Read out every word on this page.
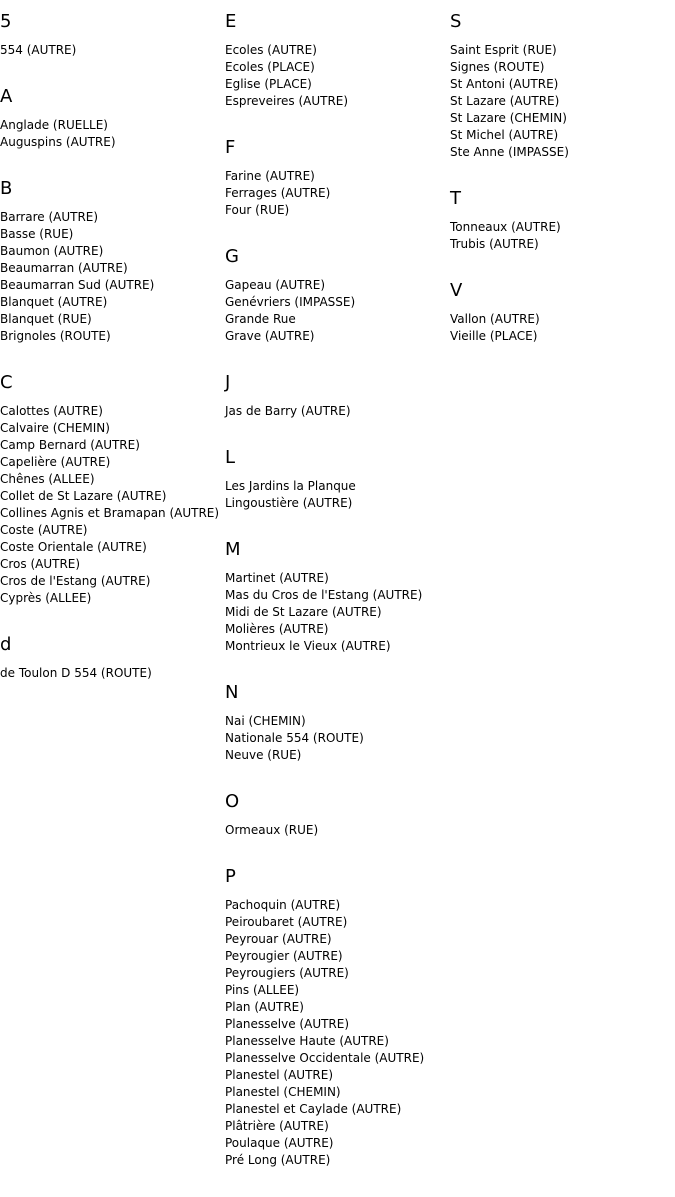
5
554 (AUTRE)
A
Anglade (RUELLE)
Auguspins (AUTRE)
B
Barrare (AUTRE)
Basse (RUE)
Baumon (AUTRE)
Beaumarran (AUTRE)
Beaumarran Sud (AUTRE)
Blanquet (AUTRE)
Blanquet (RUE)
Brignoles (ROUTE)
C
Calottes (AUTRE)
Calvaire (CHEMIN)
Camp Bernard (AUTRE)
Capelière (AUTRE)
Chênes (ALLEE)
Collet de St Lazare (AUTRE)
Collines Agnis et Bramapan (AUTRE)
Coste (AUTRE)
Coste Orientale (AUTRE)
Cros (AUTRE)
Cros de l'Estang (AUTRE)
Cyprès (ALLEE)
d
de Toulon D 554 (ROUTE)
E
Ecoles (AUTRE)
Ecoles (PLACE)
Eglise (PLACE)
Espreveires (AUTRE)
F
Farine (AUTRE)
Ferrages (AUTRE)
Four (RUE)
G
Gapeau (AUTRE)
Genévriers (IMPASSE)
Grande Rue
Grave (AUTRE)
J
Jas de Barry (AUTRE)
L
Les Jardins la Planque
Lingoustière (AUTRE)
M
Martinet (AUTRE)
Mas du Cros de l'Estang (AUTRE)
Midi de St Lazare (AUTRE)
Molières (AUTRE)
Montrieux le Vieux (AUTRE)
N
Nai (CHEMIN)
Nationale 554 (ROUTE)
Neuve (RUE)
O
Ormeaux (RUE)
P
Pachoquin (AUTRE)
Peiroubaret (AUTRE)
Peyrouar (AUTRE)
Peyrougier (AUTRE)
Peyrougiers (AUTRE)
Pins (ALLEE)
Plan (AUTRE)
Planesselve (AUTRE)
Planesselve Haute (AUTRE)
Planesselve Occidentale (AUTRE)
Planestel (AUTRE)
Planestel (CHEMIN)
Planestel et Caylade (AUTRE)
Plâtrière (AUTRE)
Poulaque (AUTRE)
Pré Long (AUTRE)
S
Saint Esprit (RUE)
Signes (ROUTE)
St Antoni (AUTRE)
St Lazare (AUTRE)
St Lazare (CHEMIN)
St Michel (AUTRE)
Ste Anne (IMPASSE)
T
Tonneaux (AUTRE)
Trubis (AUTRE)
V
Vallon (AUTRE)
Vieille (PLACE)
